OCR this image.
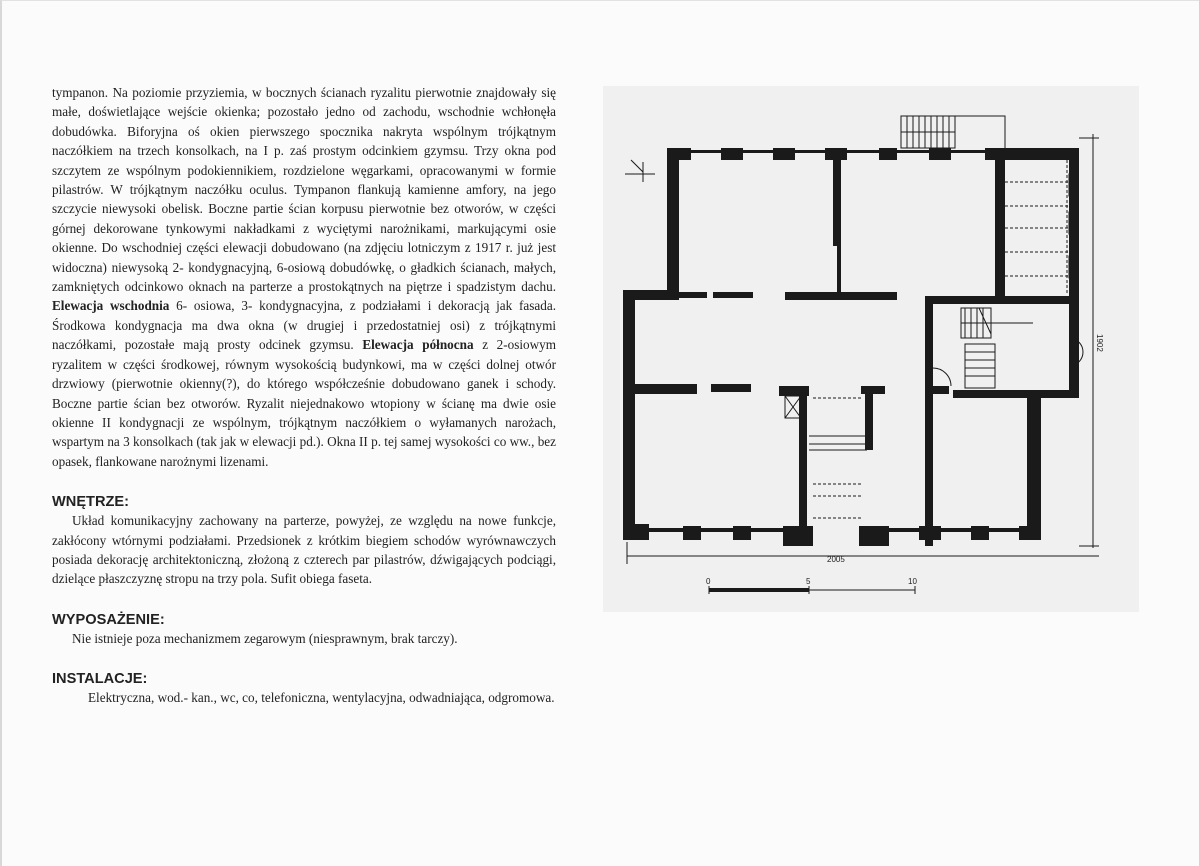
tympanon. Na poziomie przyziemia, w bocznych ścianach ryzalitu pierwotnie znajdowały się małe, doświetlające wejście okienka; pozostało jedno od zachodu, wschodnie wchłonęła dobudówka. Biforyjna oś okien pierwszego spocznika nakryta wspólnym trójkątnym naczółkiem na trzech konsolkach, na I p. zaś prostym odcinkiem gzymsu. Trzy okna pod szczytem ze wspólnym podokiennikiem, rozdzielone węgarkami, opracowanymi w formie pilastrów. W trójkątnym naczółku oculus. Tympanon flankują kamienne amfory, na jego szczycie niewysoki obelisk. Boczne partie ścian korpusu pierwotnie bez otworów, w części górnej dekorowane tynkowymi nakładkami z wyciętymi narożnikami, markującymi osie okienne. Do wschodniej części elewacji dobudowano (na zdjęciu lotniczym z 1917 r. już jest widoczna) niewysoką 2- kondygnacyjną, 6-osiową dobudówkę, o gładkich ścianach, małych, zamkniętych odcinkowo oknach na parterze a prostokątnych na piętrze i spadzistym dachu. Elewacja wschodnia 6- osiowa, 3- kondygnacyjna, z podziałami i dekoracją jak fasada. Środkowa kondygnacja ma dwa okna (w drugiej i przedostatniej osi) z trójkątnymi naczółkami, pozostałe mają prosty odcinek gzymsu. Elewacja północna z 2-osiowym ryzalitem w części środkowej, równym wysokością budynkowi, ma w części dolnej otwór drzwiowy (pierwotnie okienny(?), do którego współcześnie dobudowano ganek i schody. Boczne partie ścian bez otworów. Ryzalit niejednakowo wtopiony w ścianę ma dwie osie okienne II kondygnacji ze wspólnym, trójkątnym naczółkiem o wyłamanych narożach, wspartym na 3 konsolkach (tak jak w elewacji pd.). Okna II p. tej samej wysokości co ww., bez opasek, flankowane narożnymi lizenami.

WNĘTRZE:

Układ komunikacyjny zachowany na parterze, powyżej, ze względu na nowe funkcje, zakłócony wtórnymi podziałami. Przedsionek z krótkim biegiem schodów wyrównawczych posiada dekorację architektoniczną, złożoną z czterech par pilastrów, dźwigających podciągi, dzielące płaszczyznę stropu na trzy pola. Sufit obiega faseta.

WYPOSAŻENIE:

Nie istnieje poza mechanizmem zegarowym (niesprawnym, brak tarczy).

INSTALACJE:

Elektryczna, wod.- kan., wc, co, telefoniczna, wentylacyjna, odwadniająca, odgromowa.

2005
1902
0	5	10
